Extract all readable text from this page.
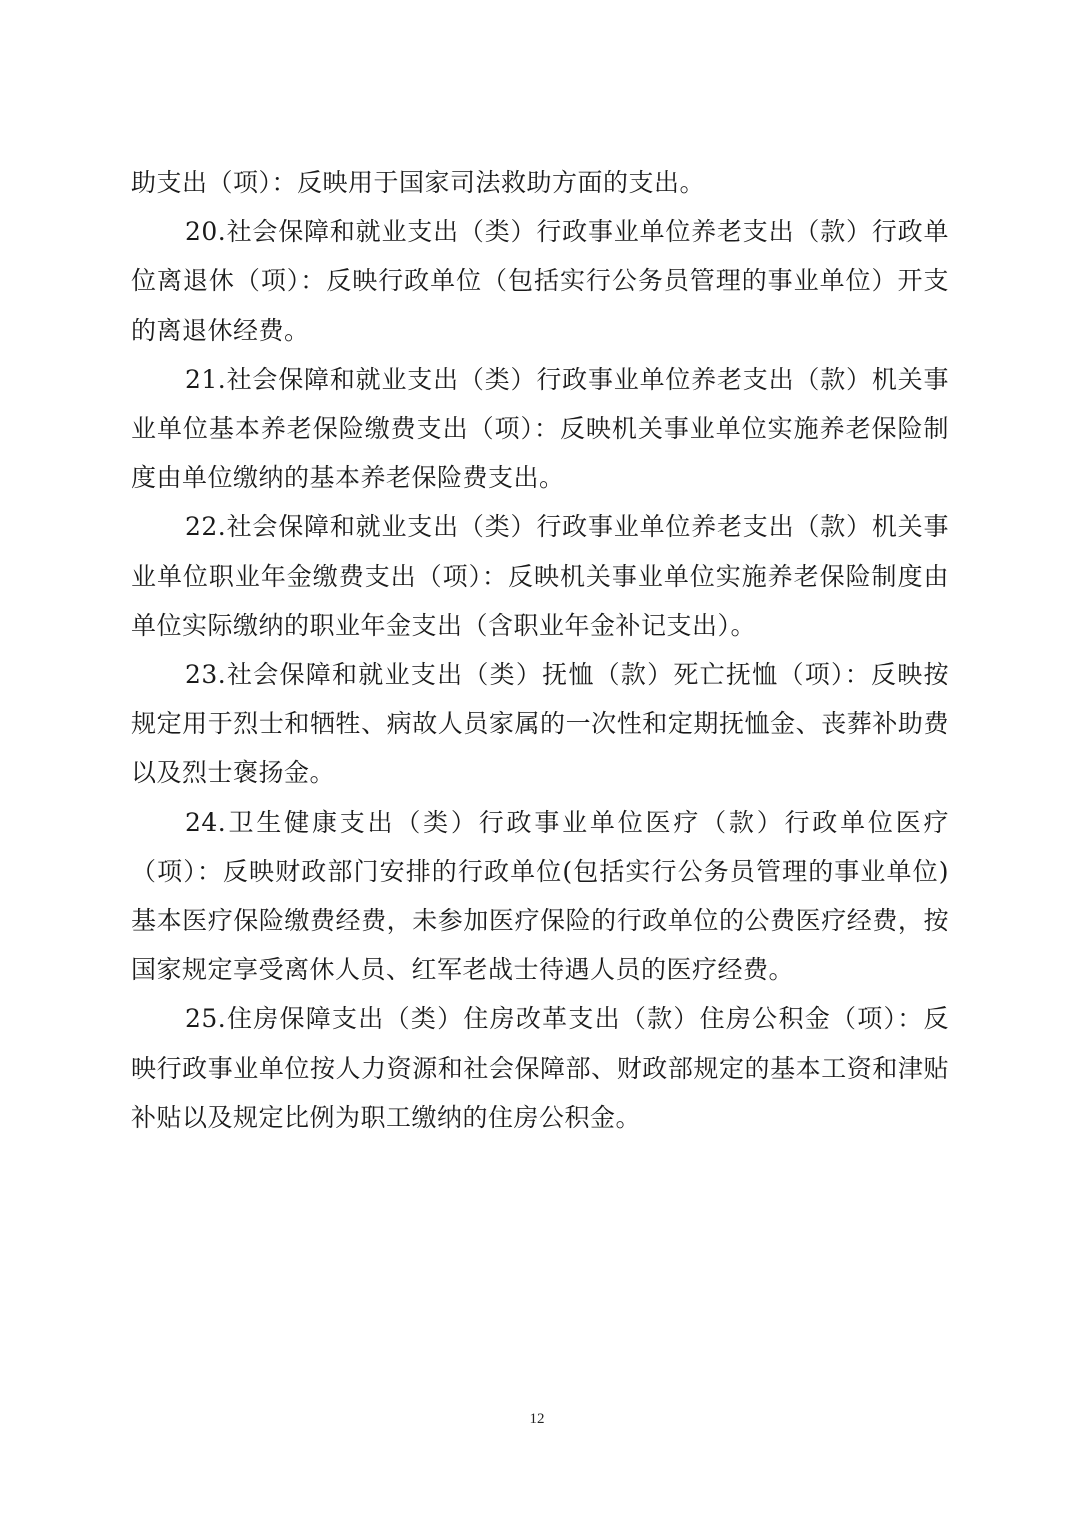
助支出（项）：反映用于国家司法救助方面的支出。

20.社会保障和就业支出（类）行政事业单位养老支出（款）行政单位离退休（项）：反映行政单位（包括实行公务员管理的事业单位）开支的离退休经费。

21.社会保障和就业支出（类）行政事业单位养老支出（款）机关事业单位基本养老保险缴费支出（项）：反映机关事业单位实施养老保险制度由单位缴纳的基本养老保险费支出。

22.社会保障和就业支出（类）行政事业单位养老支出（款）机关事业单位职业年金缴费支出（项）：反映机关事业单位实施养老保险制度由单位实际缴纳的职业年金支出（含职业年金补记支出）。

23.社会保障和就业支出（类）抚恤（款）死亡抚恤（项）：反映按规定用于烈士和牺牲、病故人员家属的一次性和定期抚恤金、丧葬补助费以及烈士褒扬金。

24.卫生健康支出（类）行政事业单位医疗（款）行政单位医疗（项）：反映财政部门安排的行政单位(包括实行公务员管理的事业单位)基本医疗保险缴费经费，未参加医疗保险的行政单位的公费医疗经费，按国家规定享受离休人员、红军老战士待遇人员的医疗经费。

25.住房保障支出（类）住房改革支出（款）住房公积金（项）：反映行政事业单位按人力资源和社会保障部、财政部规定的基本工资和津贴补贴以及规定比例为职工缴纳的住房公积金。

12
